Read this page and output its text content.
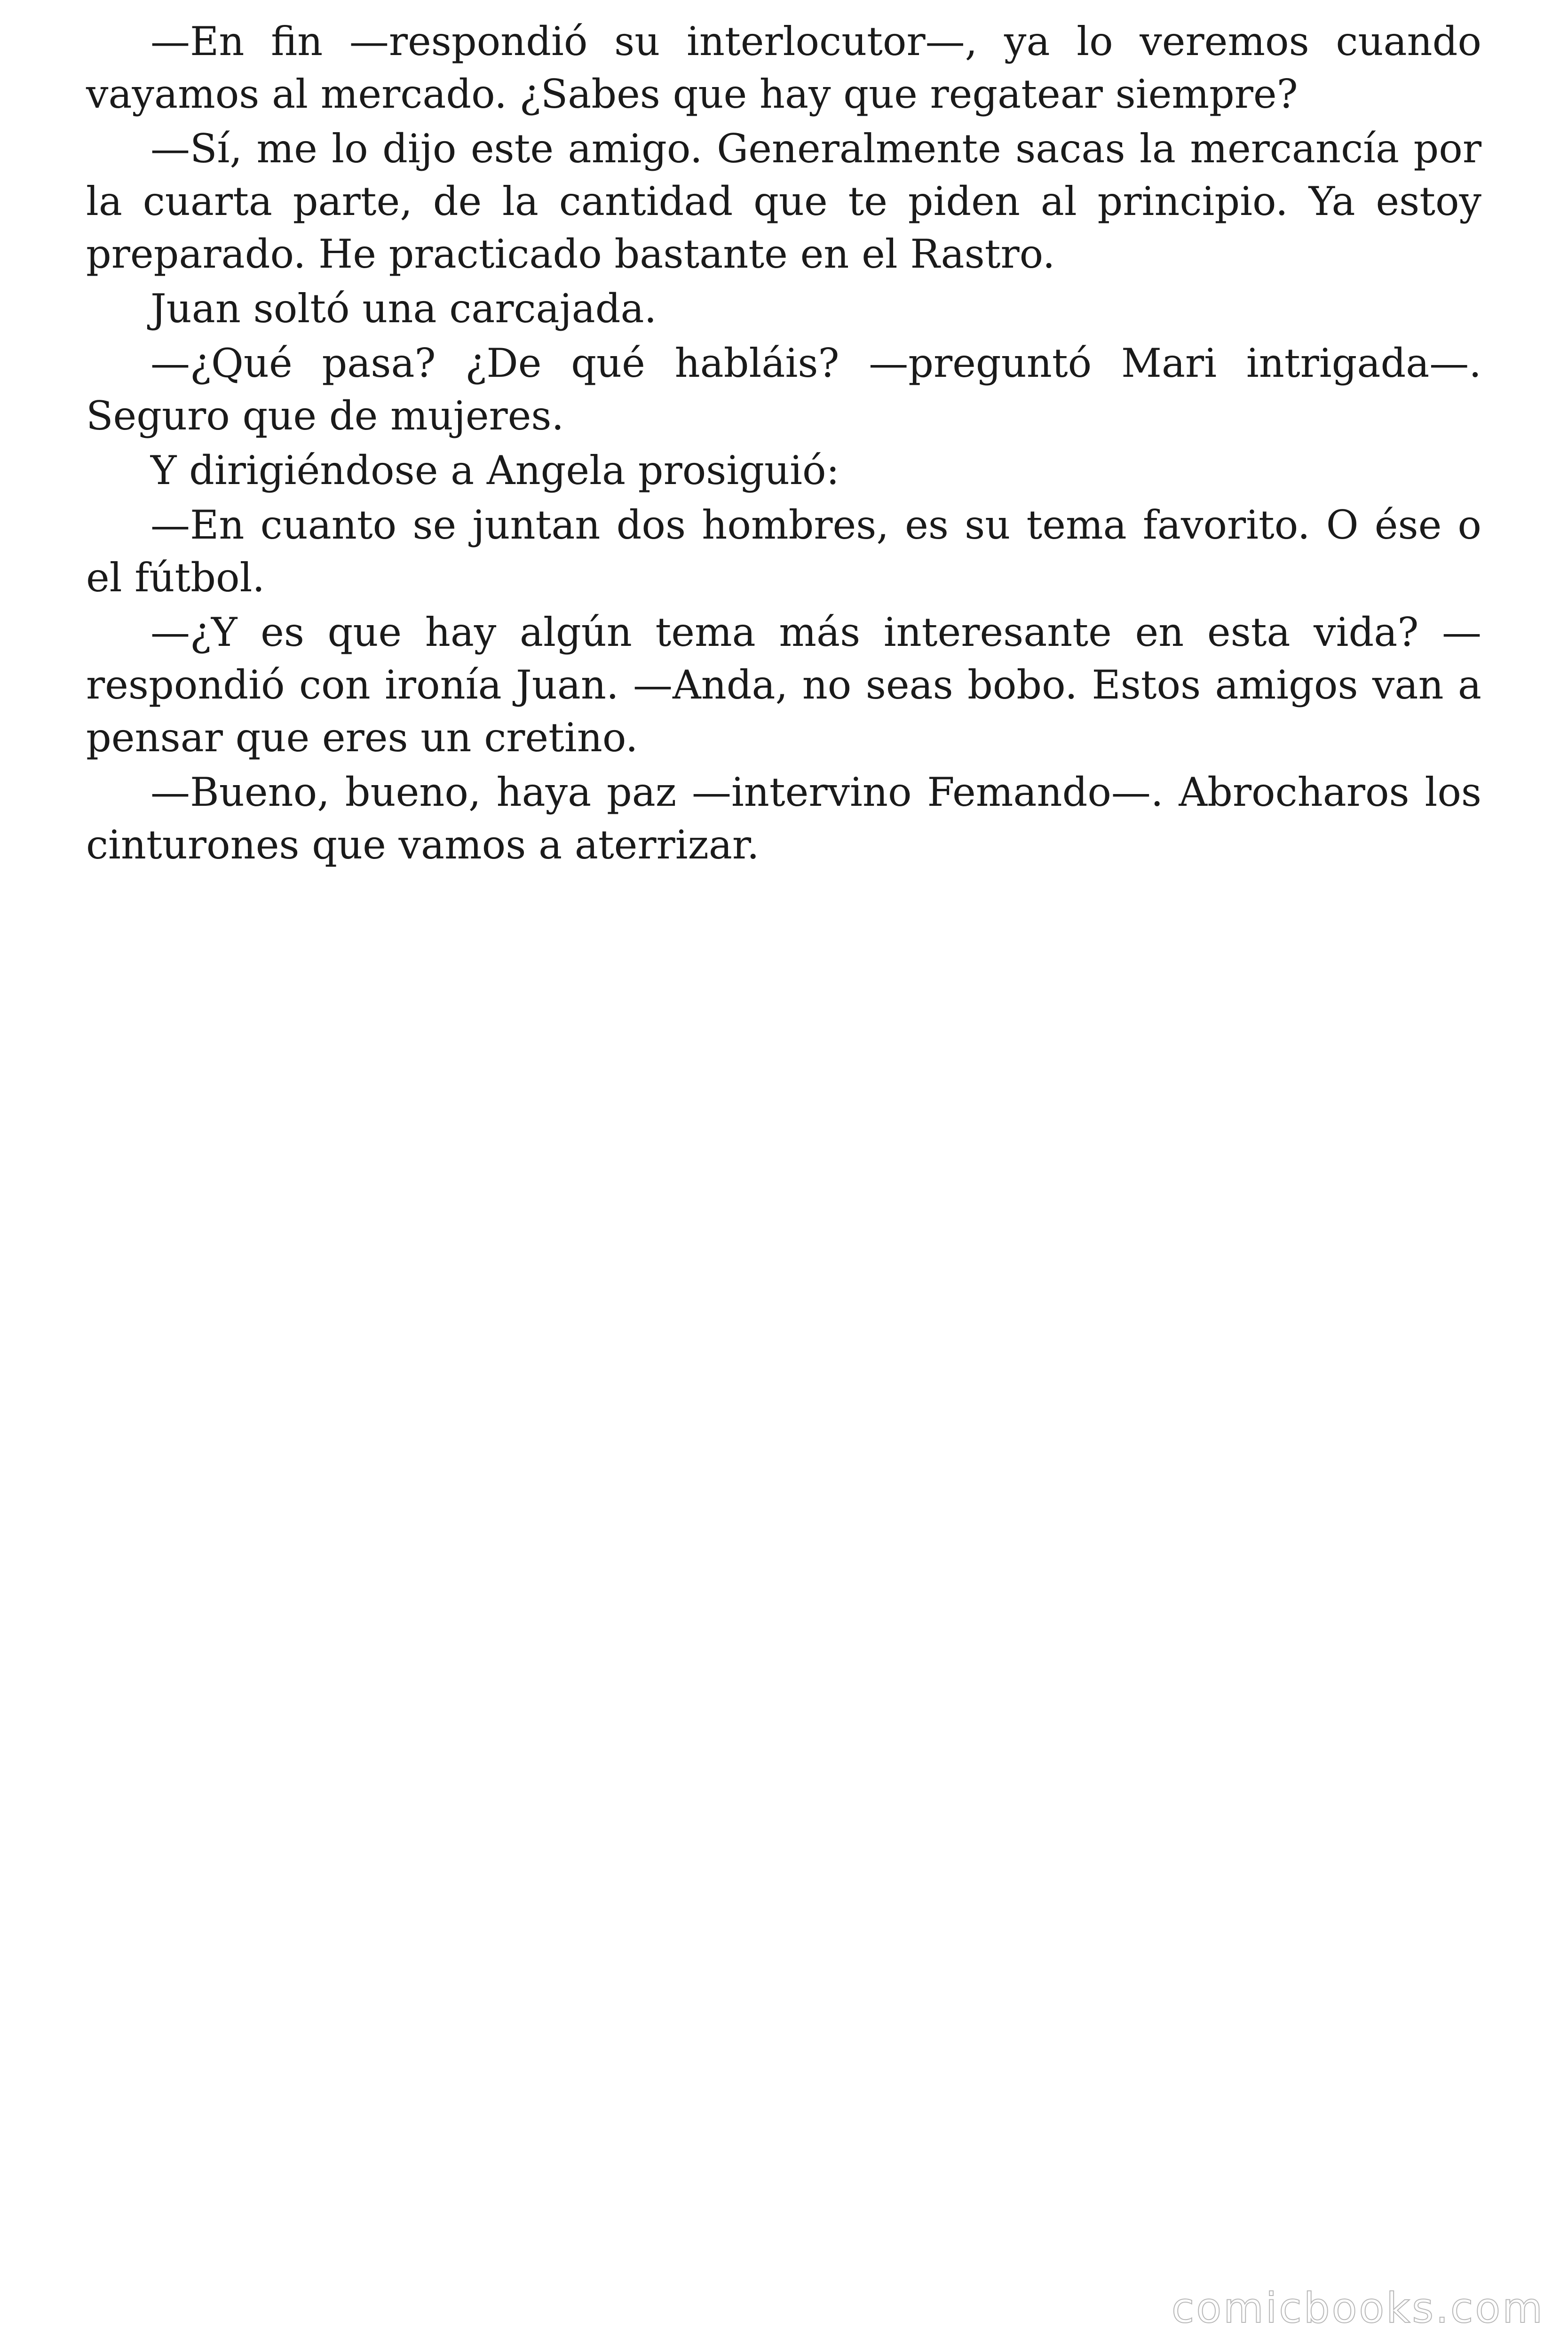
—En fin —respondió su interlocutor—, ya lo veremos cuando vayamos al mercado. ¿Sabes que hay que regatear siempre?

—Sí, me lo dijo este amigo. Generalmente sacas la mercancía por la cuarta parte, de la cantidad que te piden al principio. Ya estoy preparado. He practicado bastante en el Rastro.

Juan soltó una carcajada.

—¿Qué pasa? ¿De qué habláis? —preguntó Mari intrigada—. Seguro que de mujeres.

Y dirigiéndose a Angela prosiguió:

—En cuanto se juntan dos hombres, es su tema favorito. O ése o el fútbol.

—¿Y es que hay algún tema más interesante en esta vida? —respondió con ironía Juan. —Anda, no seas bobo. Estos amigos van a pensar que eres un cretino.

—Bueno, bueno, haya paz —intervino Femando—. Abrocharos los cinturones que vamos a aterrizar.

comicbooks.com
